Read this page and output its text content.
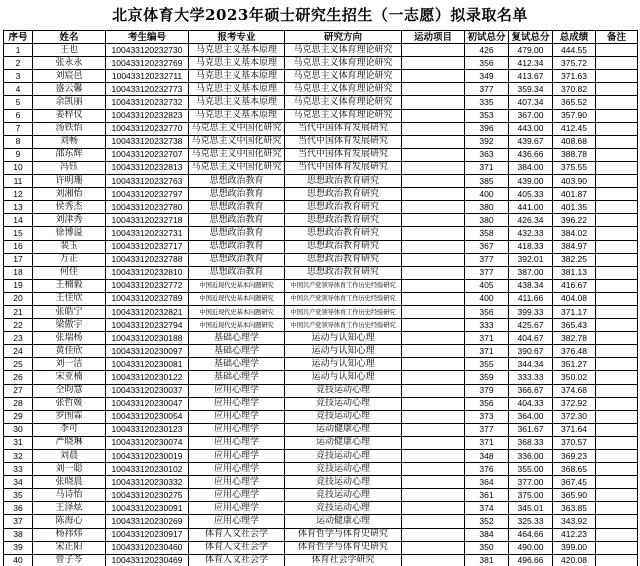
北京体育大学2023年硕士研究生招生（一志愿）拟录取名单
序号	姓名	考生编号	报考专业	研究方向	运动项目	初试总分	复试总分	总成绩	备注
1	王也	100433120232730	马克思主义基本原理	马克思主义体育理论研究		426	479.00	444.55	
2	张永永	100433120232769	马克思主义基本原理	马克思主义体育理论研究		356	412.34	375.72	
3	刘宸邑	100433120232711	马克思主义基本原理	马克思主义体育理论研究		349	413.67	371.63	
4	盛云馨	100433120232773	马克思主义基本原理	马克思主义体育理论研究		377	359.34	370.82	
5	余凯丽	100433120232732	马克思主义基本原理	马克思主义体育理论研究		335	407.34	365.52	
6	姜梓仪	100433120232823	马克思主义基本原理	马克思主义体育理论研究		353	367.00	357.90	
7	汤铁怡	100433120232770	马克思主义中国化研究	当代中国体育发展研究		396	443.00	412.45	
8	刘畅	100433120232738	马克思主义中国化研究	当代中国体育发展研究		392	439.67	408.68	
9	邵东辉	100433120232707	马克思主义中国化研究	当代中国体育发展研究		363	436.66	388.78	
10	冯钰	100433120232813	马克思主义中国化研究	当代中国体育发展研究		371	384.00	375.55	
11	许明珊	100433120232763	思想政治教育	思想政治教育研究		385	439.00	403.90	
12	刘湘怡	100433120232797	思想政治教育	思想政治教育研究		400	405.33	401.87	
13	侯秀杰	100433120232780	思想政治教育	思想政治教育研究		380	441.00	401.35	
14	刘津秀	100433120232718	思想政治教育	思想政治教育研究		380	426.34	396.22	
15	徐博溢	100433120232731	思想政治教育	思想政治教育研究		358	432.33	384.02	
16	裴玉	100433120232717	思想政治教育	思想政治教育研究		367	418.33	384.97	
17	万正	100433120232788	思想政治教育	思想政治教育研究		377	392.01	382.25	
18	何佳	100433120232810	思想政治教育	思想政治教育研究		377	387.00	381.13	
19	王楠毅	100433120232772	中国近现代史基本问题研究	中国共产党领导体育工作历史经验研究		405	438.34	416.67	
20	王佳欣	100433120232789	中国近现代史基本问题研究	中国共产党领导体育工作历史经验研究		400	411.66	404.08	
21	张皓宁	100433120232821	中国近现代史基本问题研究	中国共产党领导体育工作历史经验研究		356	399.33	371.17	
22	梁傲宇	100433120232794	中国近现代史基本问题研究	中国共产党领导体育工作历史经验研究		333	425.67	365.43	
23	张瑞杨	100433120230188	基础心理学	运动与认知心理		371	404.67	382.78	
24	黄佳欣	100433120230097	基础心理学	运动与认知心理		371	390.67	376.48	
25	刘一洁	100433120230081	基础心理学	运动与认知心理		355	344.34	351.27	
26	宋亚楠	100433120230122	基础心理学	运动与认知心理		359	333.33	350.02	
27	仝昀慧	100433120230037	应用心理学	竞技运动心理		379	366.67	374.68	
28	张哲媛	100433120230047	应用心理学	竞技运动心理		356	404.33	372.92	
29	罗围霖	100433120230054	应用心理学	竞技运动心理		373	364.00	372.30	
30	李可	100433120230123	应用心理学	运动健康心理		377	361.67	371.64	
31	严晓琳	100433120230074	应用心理学	运动健康心理		371	368.33	370.57	
32	刘晨	100433120230019	应用心理学	竞技运动心理		348	336.00	369.23	
33	刘一聪	100433120230102	应用心理学	竞技运动心理		376	355.00	368.65	
34	张晓晨	100433120230332	应用心理学	竞技运动心理		364	377.00	367.45	
35	马诗怡	100433120230275	应用心理学	竞技运动心理		361	375.00	365.90	
36	王泽炫	100433120230091	应用心理学	竞技运动心理		374	345.01	363.85	
37	陈海心	100433120230269	应用心理学	运动健康心理		352	325.33	343.92	
38	杨祎炜	100433120230917	体育人文社会学	体育哲学与体育史研究		384	464.66	412.23	
39	宋正阳	100433120230460	体育人文社会学	体育哲学与体育史研究		350	490.00	399.00	
40	曾子芩	100433120230469	体育人文社会学	体育社会学研究		381	496.66	420.08	
